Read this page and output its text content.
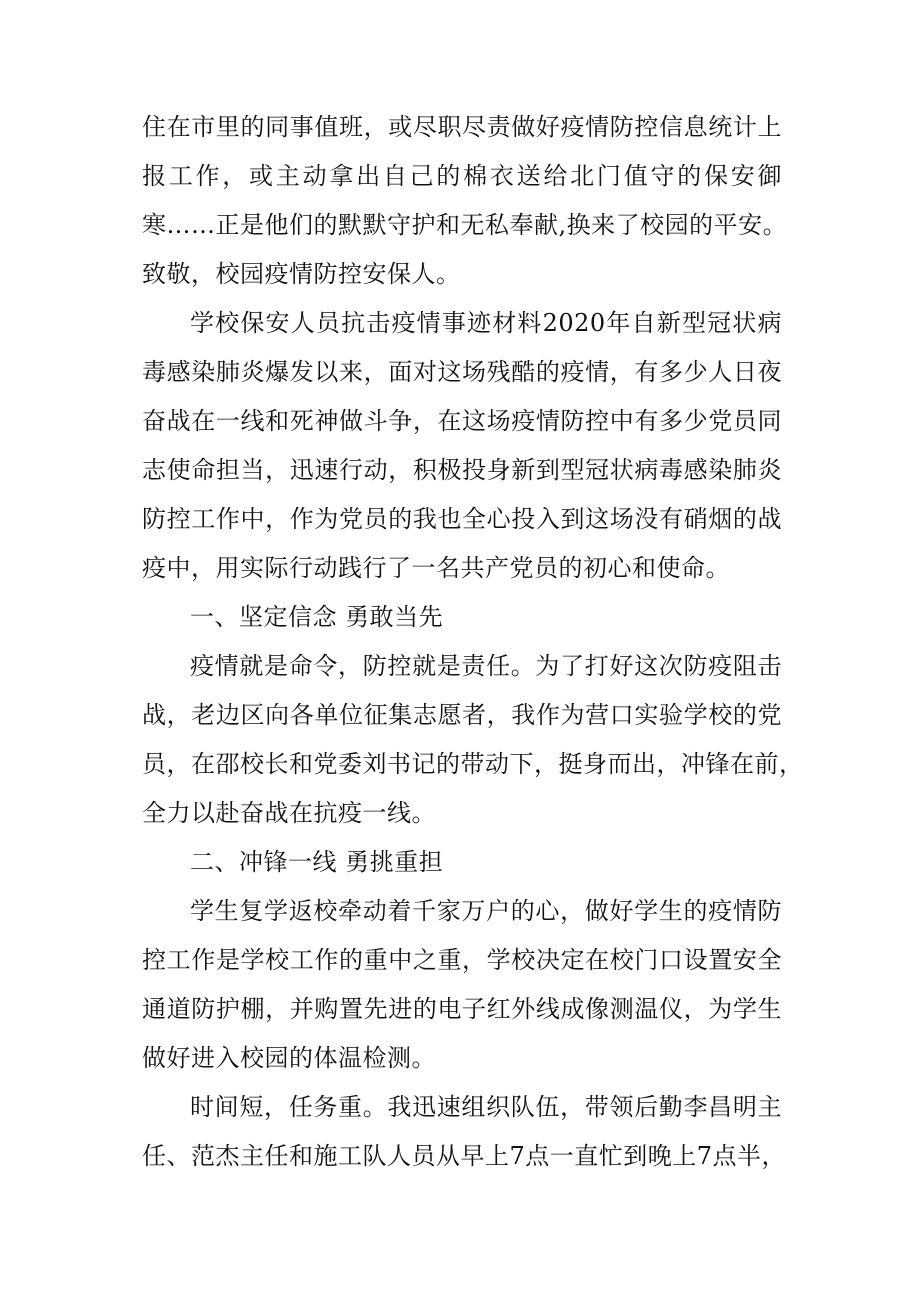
住在市里的同事值班，或尽职尽责做好疫情防控信息统计上
报工作，或主动拿出自己的棉衣送给北门值守的保安御
寒……正是他们的默默守护和无私奉献,换来了校园的平安。
致敬，校园疫情防控安保人。
学校保安人员抗击疫情事迹材料2020年自新型冠状病
毒感染肺炎爆发以来，面对这场残酷的疫情，有多少人日夜
奋战在一线和死神做斗争，在这场疫情防控中有多少党员同
志使命担当，迅速行动，积极投身新到型冠状病毒感染肺炎
防控工作中，作为党员的我也全心投入到这场没有硝烟的战
疫中，用实际行动践行了一名共产党员的初心和使命。
一、坚定信念 勇敢当先
疫情就是命令，防控就是责任。为了打好这次防疫阻击
战，老边区向各单位征集志愿者，我作为营口实验学校的党
员，在邵校长和党委刘书记的带动下，挺身而出，冲锋在前，
全力以赴奋战在抗疫一线。
二、冲锋一线 勇挑重担
学生复学返校牵动着千家万户的心，做好学生的疫情防
控工作是学校工作的重中之重，学校决定在校门口设置安全
通道防护棚，并购置先进的电子红外线成像测温仪，为学生
做好进入校园的体温检测。
时间短，任务重。我迅速组织队伍，带领后勤李昌明主
任、范杰主任和施工队人员从早上7点一直忙到晚上7点半，
